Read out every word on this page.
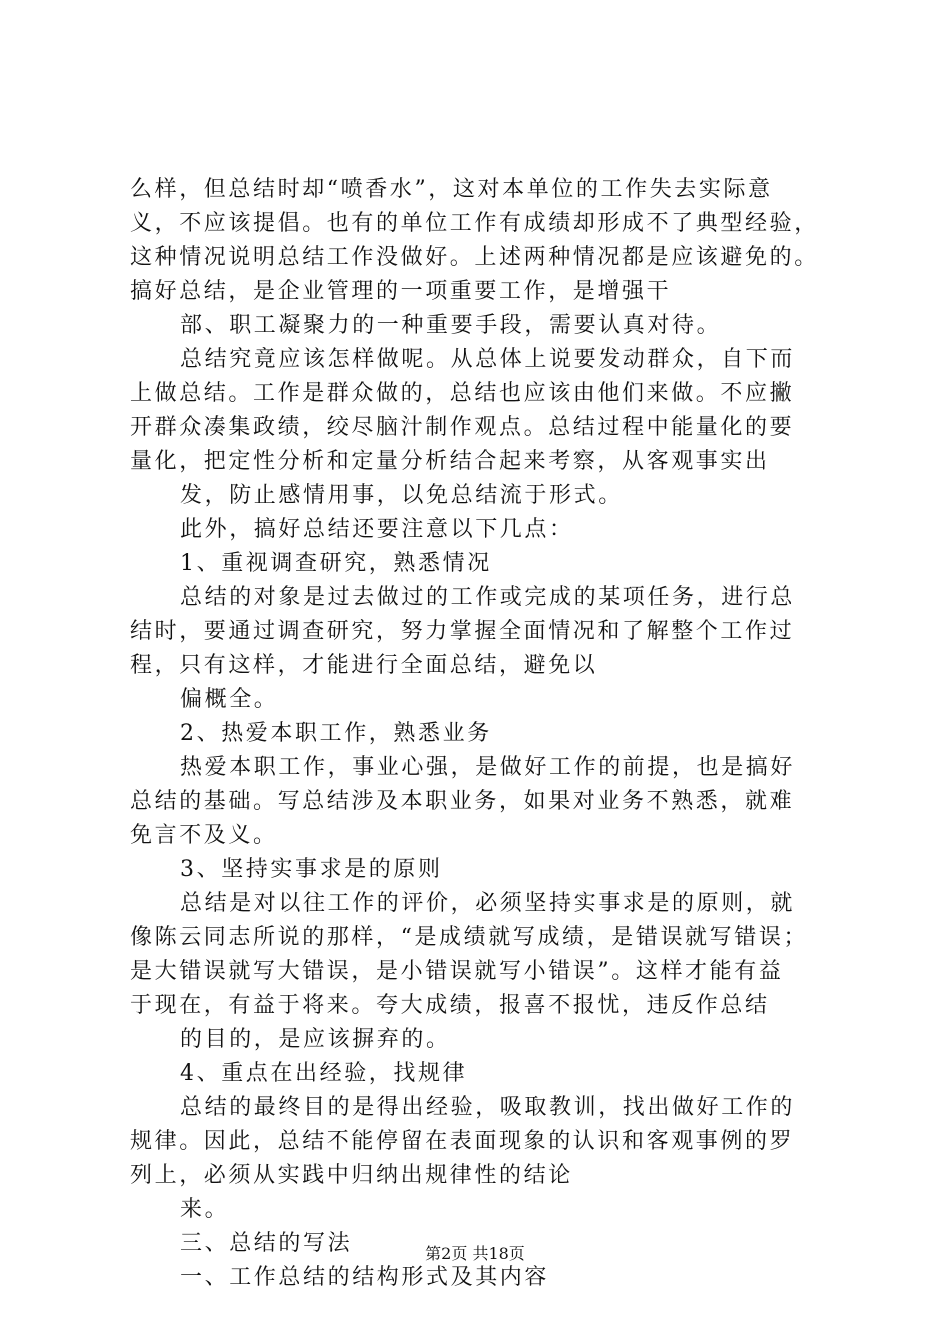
么样，但总结时却“喷香水”，这对本单位的工作失去实际意
义，不应该提倡。也有的单位工作有成绩却形成不了典型经验，
这种情况说明总结工作没做好。上述两种情况都是应该避免的。
搞好总结，是企业管理的一项重要工作，是增强干
部、职工凝聚力的一种重要手段，需要认真对待。
总结究竟应该怎样做呢。从总体上说要发动群众，自下而
上做总结。工作是群众做的，总结也应该由他们来做。不应撇
开群众凑集政绩，绞尽脑汁制作观点。总结过程中能量化的要
量化，把定性分析和定量分析结合起来考察，从客观事实出
发，防止感情用事，以免总结流于形式。
此外，搞好总结还要注意以下几点：
1、重视调查研究，熟悉情况
总结的对象是过去做过的工作或完成的某项任务，进行总
结时，要通过调查研究，努力掌握全面情况和了解整个工作过
程，只有这样，才能进行全面总结，避免以
偏概全。
2、热爱本职工作，熟悉业务
热爱本职工作，事业心强，是做好工作的前提，也是搞好
总结的基础。写总结涉及本职业务，如果对业务不熟悉，就难
免言不及义。
3、坚持实事求是的原则
总结是对以往工作的评价，必须坚持实事求是的原则，就
像陈云同志所说的那样，“是成绩就写成绩，是错误就写错误；
是大错误就写大错误，是小错误就写小错误”。这样才能有益
于现在，有益于将来。夸大成绩，报喜不报忧，违反作总结
的目的，是应该摒弃的。
4、重点在出经验，找规律
总结的最终目的是得出经验，吸取教训，找出做好工作的
规律。因此，总结不能停留在表面现象的认识和客观事例的罗
列上，必须从实践中归纳出规律性的结论
来。
三、总结的写法
一、工作总结的结构形式及其内容
第2页 共18页
